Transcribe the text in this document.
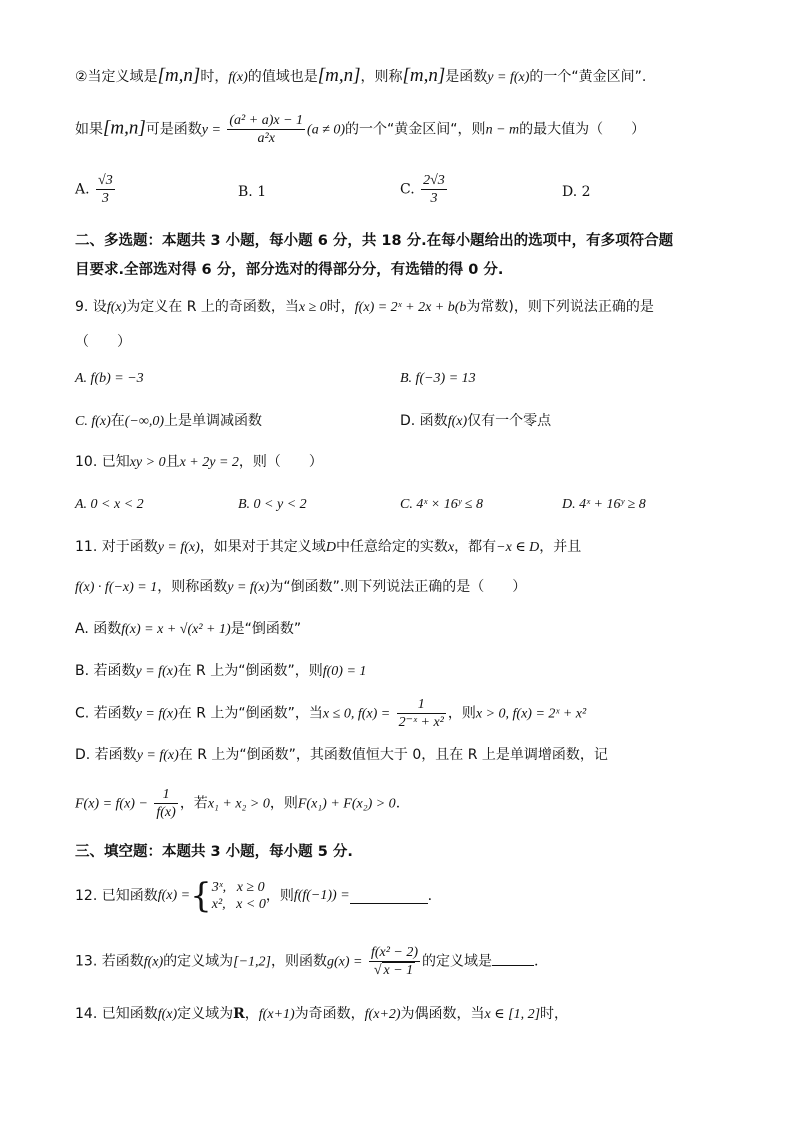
②当定义域是[m,n]时，f(x)的值域也是[m,n]，则称[m,n]是函数y = f(x)的一个“黄金区间”.
如果[m,n]可是函数$y = \frac{\text{(a² + a)x − 1}}{\text{a²x}} (a \ne 0)$的一个“黄金区间“，则n − m的最大值为（　　）
A. $\frac{√3}{3}$	B. 1	C. $\frac{2√3}{3}$	D. 2
二、多选题：本题共 3 小题，每小题 6 分，共 18 分.在每小題给出的选项中，有多项符合题
目要求.全部选对得 6 分，部分选对的得部分分，有选错的得 0 分.
9. 设f(x)为定义在 R 上的奇函数，当x ≥ 0时，f(x) = 2ˣ + 2x + b(b为常数)，则下列说法正确的是
（　　）
A. f(b) = −3	B. f(−3) = 13
C. f(x)在(−∞,0)上是单调减函数	D. 函数f(x)仅有一个零点
10. 已知xy > 0且x + 2y = 2，则（　　）
A. 0 < x < 2	B. 0 < y < 2	C. 4ˣ × 16ʸ ≤ 8	D. 4ˣ + 16ʸ ≥ 8
11. 对于函数y = f(x)，如果对于其定义域D中任意给定的实数x，都有−x ∈ D，并且
f(x) · f(−x) = 1，则称函数y = f(x)为“倒函数”.则下列说法正确的是（　　）
A. 函数f(x) = x + √(x² + 1)是“倒函数”
B. 若函数y = f(x)在 R 上为“倒函数”，则f(0) = 1
C. 若函数y = f(x)在 R 上为“倒函数”，当x ≤ 0, $f(x) = \frac{1}{\text{2⁻ˣ + x²}}$ ，则x > 0, f(x) = 2ˣ + x²
D. 若函数y = f(x)在 R 上为“倒函数”，其函数值恒大于 0，且在 R 上是单调增函数，记
$F(x) = f(x) - \frac{1}{f(x)}$ ，若x₁ + x₂ > 0，则F(x₁) + F(x₂) > 0.
三、填空题：本题共 3 小题，每小题 5 分.
12. 已知函数f(x) ={ 3ˣ, x ≥ 0
x², x < 0
，则f(f(−1)) =	.
13. 若函数f(x)的定义域为[−1,2]，则函数$g(x) = \frac{\text{f(x² − 2)}}{√ x - 1}$ 的定义域是	.
14. 已知函数f(x)定义域为R，f(x+1)为奇函数，f(x+2)为偶函数，当x ∈ [1, 2]时，
